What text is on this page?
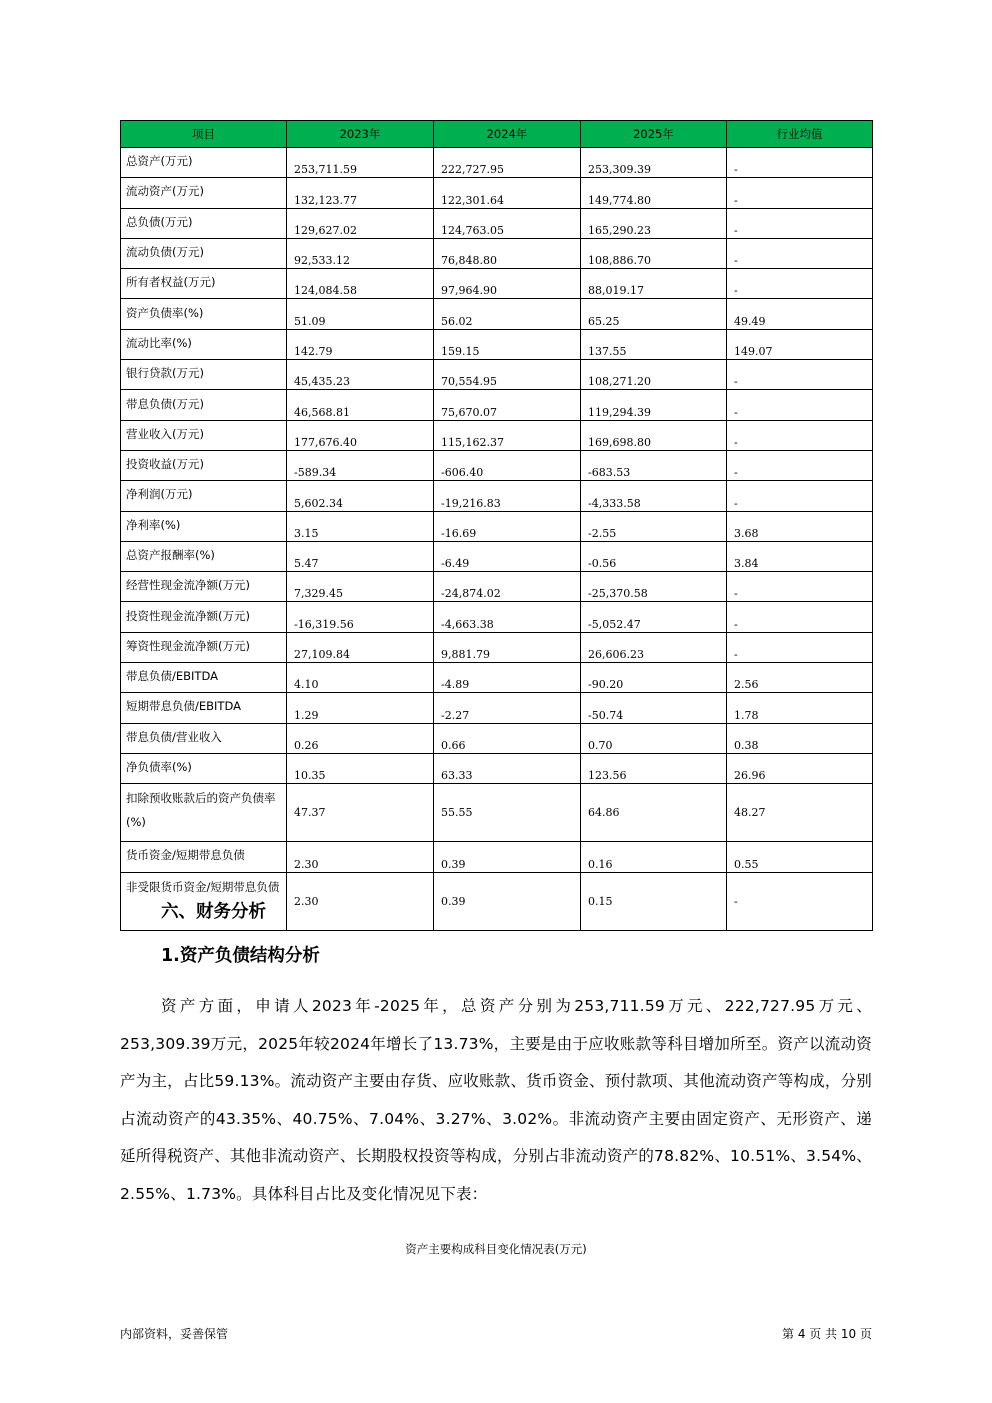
项目	2023年	2024年	2025年	行业均值
总资产(万元)	253,711.59	222,727.95	253,309.39	-
流动资产(万元)	132,123.77	122,301.64	149,774.80	-
总负债(万元)	129,627.02	124,763.05	165,290.23	-
流动负债(万元)	92,533.12	76,848.80	108,886.70	-
所有者权益(万元)	124,084.58	97,964.90	88,019.17	-
资产负债率(%)	51.09	56.02	65.25	49.49
流动比率(%)	142.79	159.15	137.55	149.07
银行贷款(万元)	45,435.23	70,554.95	108,271.20	-
带息负债(万元)	46,568.81	75,670.07	119,294.39	-
营业收入(万元)	177,676.40	115,162.37	169,698.80	-
投资收益(万元)	-589.34	-606.40	-683.53	-
净利润(万元)	5,602.34	-19,216.83	-4,333.58	-
净利率(%)	3.15	-16.69	-2.55	3.68
总资产报酬率(%)	5.47	-6.49	-0.56	3.84
经营性现金流净额(万元)	7,329.45	-24,874.02	-25,370.58	-
投资性现金流净额(万元)	-16,319.56	-4,663.38	-5,052.47	-
筹资性现金流净额(万元)	27,109.84	9,881.79	26,606.23	-
带息负债/EBITDA	4.10	-4.89	-90.20	2.56
短期带息负债/EBITDA	1.29	-2.27	-50.74	1.78
带息负债/营业收入	0.26	0.66	0.70	0.38
净负债率(%)	10.35	63.33	123.56	26.96
扣除预收账款后的资产负债率(%)	47.37	55.55	64.86	48.27
货币资金/短期带息负债	2.30	0.39	0.16	0.55
非受限货币资金/短期带息负债	2.30	0.39	0.15	-
六、财务分析
1.资产负债结构分析
资产方面，申请人2023年-2025年，总资产分别为253,711.59万元、222,727.95万元、253,309.39万元，2025年较2024年增长了13.73%，主要是由于应收账款等科目增加所至。资产以流动资产为主，占比59.13%。流动资产主要由存货、应收账款、货币资金、预付款项、其他流动资产等构成，分别占流动资产的43.35%、40.75%、7.04%、3.27%、3.02%。非流动资产主要由固定资产、无形资产、递延所得税资产、其他非流动资产、长期股权投资等构成，分别占非流动资产的78.82%、10.51%、3.54%、2.55%、1.73%。具体科目占比及变化情况见下表：
资产主要构成科目变化情况表(万元)
内部资料，妥善保管	第 4 页 共 10 页
